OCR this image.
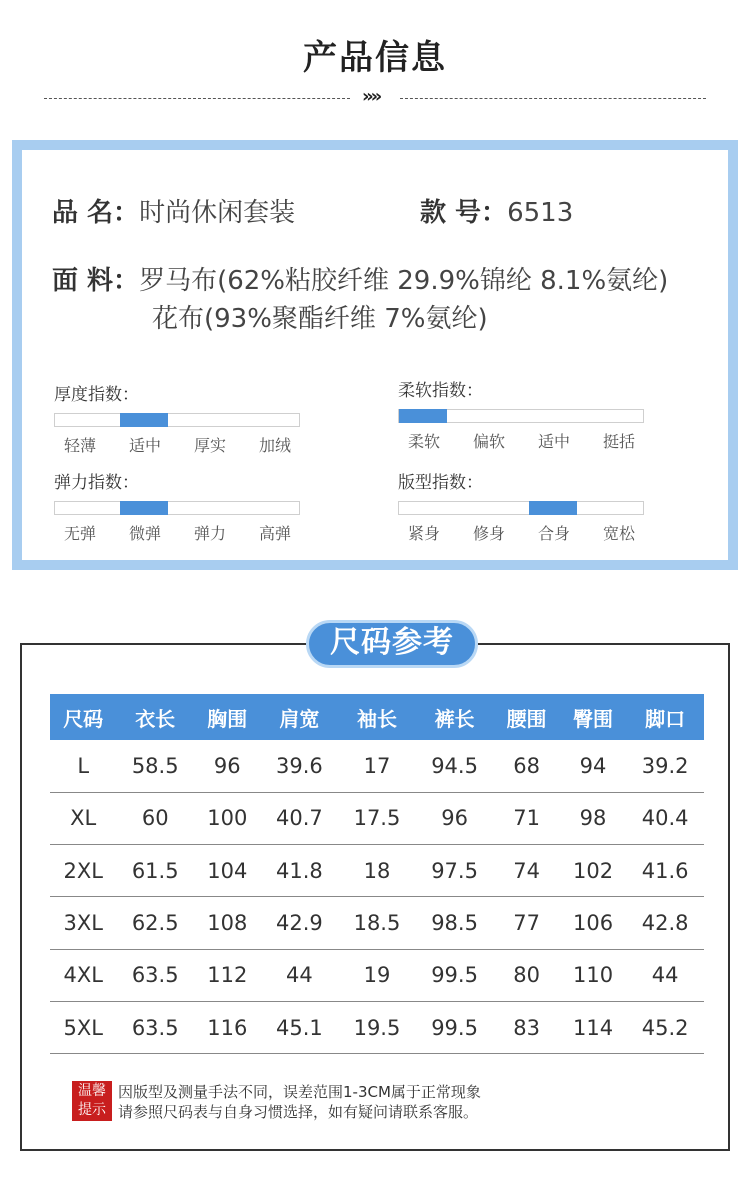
产品信息
»»
品 名：时尚休闲套装	款 号：6513
面 料：罗马布(62%粘胶纤维 29.9%锦纶 8.1%氨纶)
花布(93%聚酯纤维 7%氨纶)
厚度指数：
轻薄	适中	厚实	加绒
柔软指数：
柔软	偏软	适中	挺括
弹力指数：
无弹	微弹	弹力	高弹
版型指数：
紧身	修身	合身	宽松
尺码参考
尺码	衣长	胸围	肩宽	袖长	裤长	腰围	臀围	脚口
L	58.5	96	39.6	17	94.5	68	94	39.2
XL	60	100	40.7	17.5	96	71	98	40.4
2XL	61.5	104	41.8	18	97.5	74	102	41.6
3XL	62.5	108	42.9	18.5	98.5	77	106	42.8
4XL	63.5	112	44	19	99.5	80	110	44
5XL	63.5	116	45.1	19.5	99.5	83	114	45.2
温馨
提示
因版型及测量手法不同，误差范围1-3CM属于正常现象
请参照尺码表与自身习惯选择，如有疑问请联系客服。
